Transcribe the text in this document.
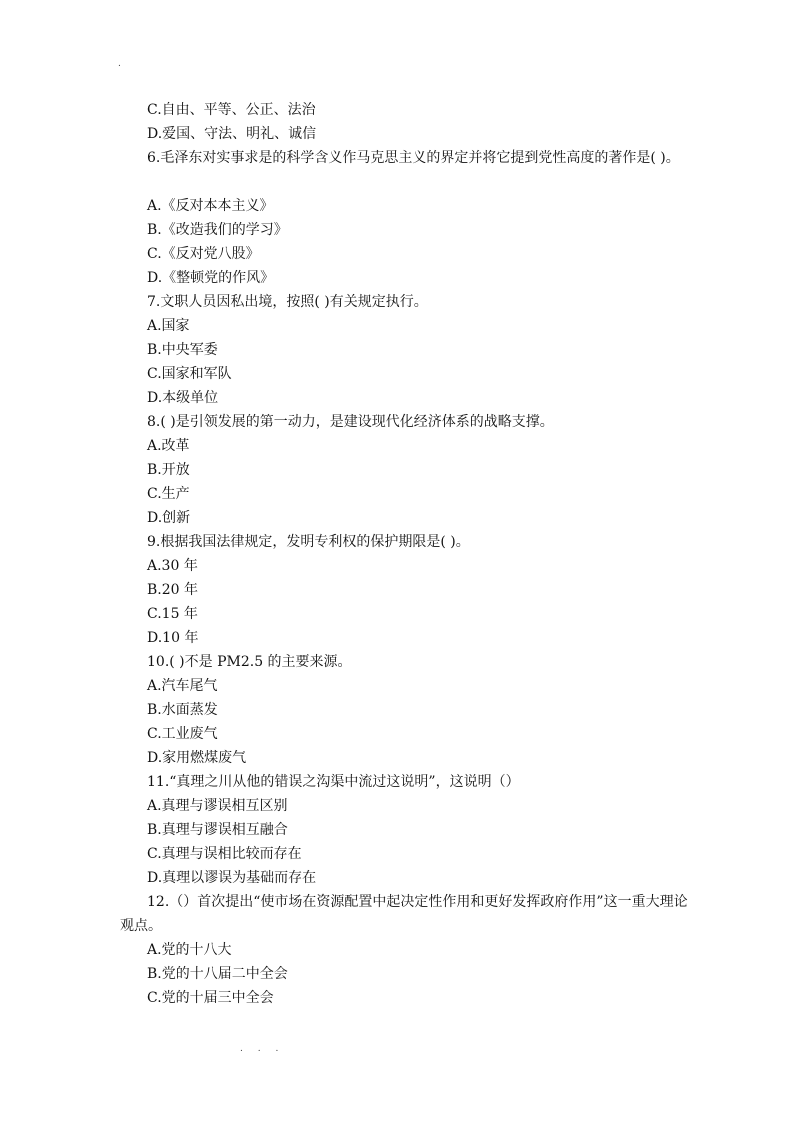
.
C.自由、平等、公正、法治
D.爱国、守法、明礼、诚信
6.毛泽东对实事求是的科学含义作马克思主义的界定并将它提到党性高度的著作是( )。
A.《反对本本主义》
B.《改造我们的学习》
C.《反对党八股》
D.《整顿党的作风》
7.文职人员因私出境，按照( )有关规定执行。
A.国家
B.中央军委
C.国家和军队
D.本级单位
8.( )是引领发展的第一动力，是建设现代化经济体系的战略支撑。
A.改革
B.开放
C.生产
D.创新
9.根据我国法律规定，发明专利权的保护期限是( )。
A.30 年
B.20 年
C.15 年
D.10 年
10.( )不是 PM2.5 的主要来源。
A.汽车尾气
B.水面蒸发
C.工业废气
D.家用燃煤废气
11.“真理之川从他的错误之沟渠中流过这说明”，这说明（）
A.真理与谬误相互区别
B.真理与谬误相互融合
C.真理与误相比较而存在
D.真理以谬误为基础而存在
12.（）首次提出“使市场在资源配置中起决定性作用和更好发挥政府作用”这一重大理论观点。
A.党的十八大
B.党的十八届二中全会
C.党的十届三中全会
. . .
